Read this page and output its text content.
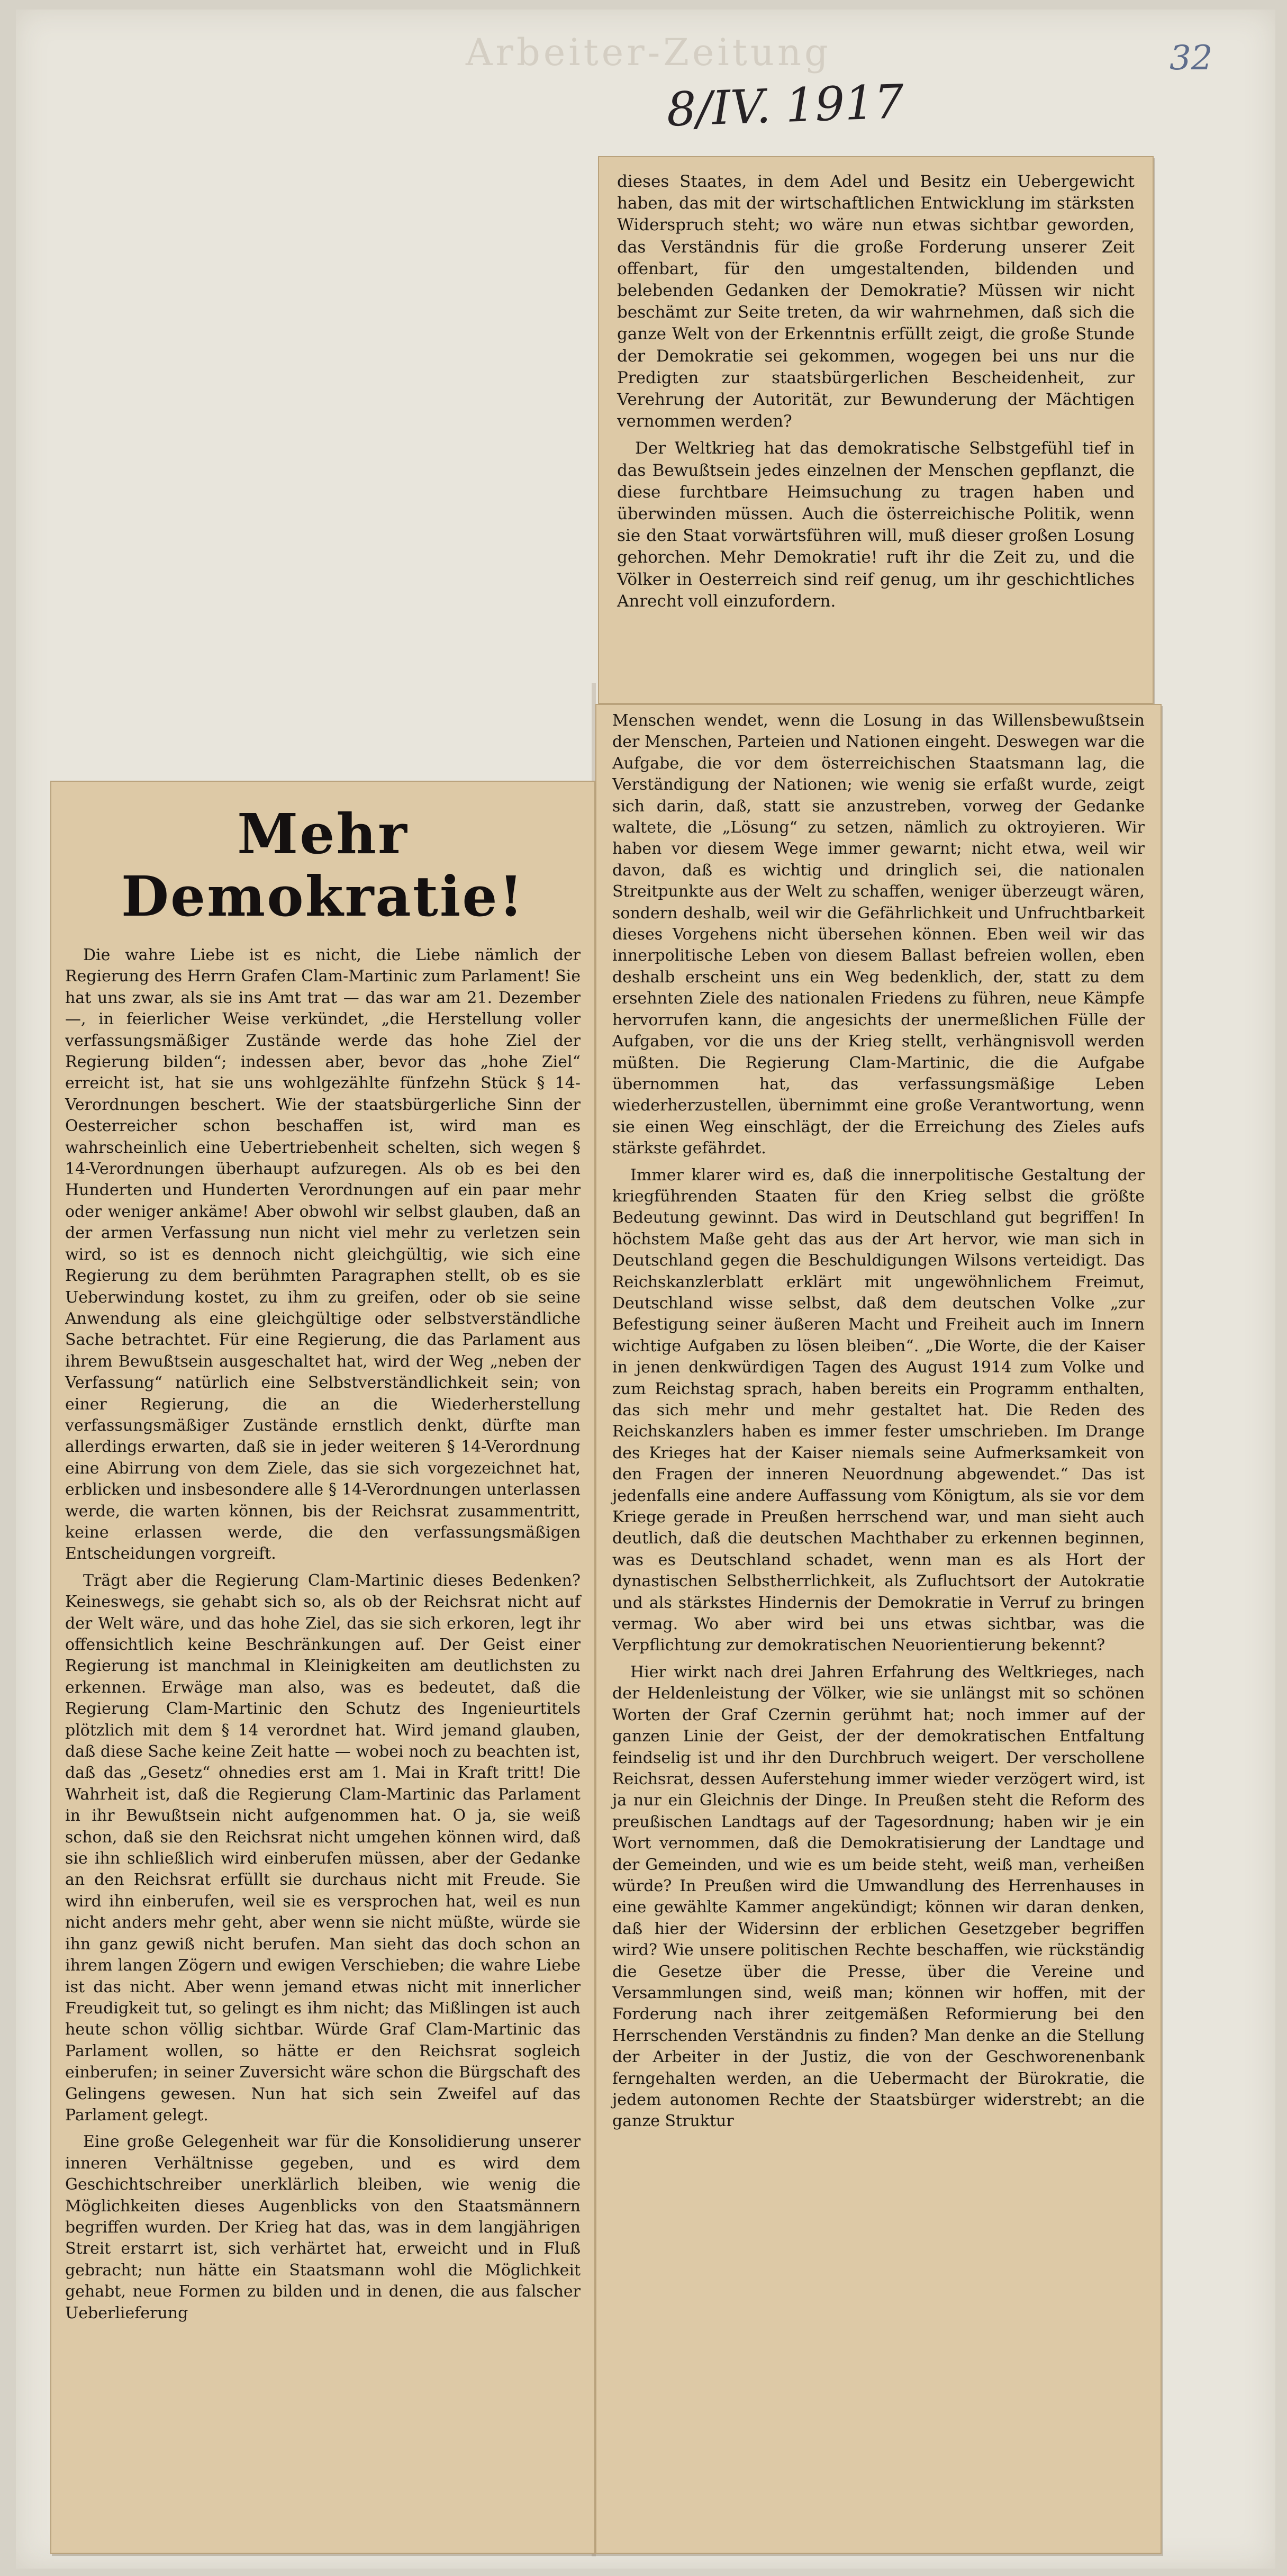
Arbeiter-Zeitung
8/IV. 1917
32

dieses Staates, in dem Adel und Besitz ein Uebergewicht haben, das mit der wirtschaftlichen Entwicklung im stärksten Widerspruch steht; wo wäre nun etwas sichtbar geworden, das Verständnis für die große Forderung unserer Zeit offenbart, für den umgestaltenden, bildenden und belebenden Gedanken der Demokratie? Müssen wir nicht beschämt zur Seite treten, da wir wahrnehmen, daß sich die ganze Welt von der Erkenntnis erfüllt zeigt, die große Stunde der Demokratie sei gekommen, wogegen bei uns nur die Predigten zur staatsbürgerlichen Bescheidenheit, zur Verehrung der Autorität, zur Bewunderung der Mächtigen vernommen werden?

Der Weltkrieg hat das demokratische Selbstgefühl tief in das Bewußtsein jedes einzelnen der Menschen gepflanzt, die diese furchtbare Heimsuchung zu tragen haben und überwinden müssen. Auch die österreichische Politik, wenn sie den Staat vorwärtsführen will, muß dieser großen Losung gehorchen. Mehr Demokratie! ruft ihr die Zeit zu, und die Völker in Oesterreich sind reif genug, um ihr geschichtliches Anrecht voll einzufordern.

Mehr Demokratie!

Die wahre Liebe ist es nicht, die Liebe nämlich der Regierung des Herrn Grafen Clam-Martinic zum Parlament! Sie hat uns zwar, als sie ins Amt trat — das war am 21. Dezember —, in feierlicher Weise verkündet, „die Herstellung voller verfassungsmäßiger Zustände werde das hohe Ziel der Regierung bilden“; indessen aber, bevor das „hohe Ziel“ erreicht ist, hat sie uns wohlgezählte fünfzehn Stück § 14-Verordnungen beschert. Wie der staatsbürgerliche Sinn der Oesterreicher schon beschaffen ist, wird man es wahrscheinlich eine Uebertriebenheit schelten, sich wegen § 14-Verordnungen überhaupt aufzuregen. Als ob es bei den Hunderten und Hunderten Verordnungen auf ein paar mehr oder weniger ankäme! Aber obwohl wir selbst glauben, daß an der armen Verfassung nun nicht viel mehr zu verletzen sein wird, so ist es dennoch nicht gleichgültig, wie sich eine Regierung zu dem berühmten Paragraphen stellt, ob es sie Ueberwindung kostet, zu ihm zu greifen, oder ob sie seine Anwendung als eine gleichgültige oder selbstverständliche Sache betrachtet. Für eine Regierung, die das Parlament aus ihrem Bewußtsein ausgeschaltet hat, wird der Weg „neben der Verfassung“ natürlich eine Selbstverständlichkeit sein; von einer Regierung, die an die Wiederherstellung verfassungsmäßiger Zustände ernstlich denkt, dürfte man allerdings erwarten, daß sie in jeder weiteren § 14-Verordnung eine Abirrung von dem Ziele, das sie sich vorgezeichnet hat, erblicken und insbesondere alle § 14-Verordnungen unterlassen werde, die warten können, bis der Reichsrat zusammentritt, keine erlassen werde, die den verfassungsmäßigen Entscheidungen vorgreift.

Trägt aber die Regierung Clam-Martinic dieses Bedenken? Keineswegs, sie gehabt sich so, als ob der Reichsrat nicht auf der Welt wäre, und das hohe Ziel, das sie sich erkoren, legt ihr offensichtlich keine Beschränkungen auf. Der Geist einer Regierung ist manchmal in Kleinigkeiten am deutlichsten zu erkennen. Erwäge man also, was es bedeutet, daß die Regierung Clam-Martinic den Schutz des Ingenieurtitels plötzlich mit dem § 14 verordnet hat. Wird jemand glauben, daß diese Sache keine Zeit hatte — wobei noch zu beachten ist, daß das „Gesetz“ ohnedies erst am 1. Mai in Kraft tritt! Die Wahrheit ist, daß die Regierung Clam-Martinic das Parlament in ihr Bewußtsein nicht aufgenommen hat. O ja, sie weiß schon, daß sie den Reichsrat nicht umgehen können wird, daß sie ihn schließlich wird einberufen müssen, aber der Gedanke an den Reichsrat erfüllt sie durchaus nicht mit Freude. Sie wird ihn einberufen, weil sie es versprochen hat, weil es nun nicht anders mehr geht, aber wenn sie nicht müßte, würde sie ihn ganz gewiß nicht berufen. Man sieht das doch schon an ihrem langen Zögern und ewigen Verschieben; die wahre Liebe ist das nicht. Aber wenn jemand etwas nicht mit innerlicher Freudigkeit tut, so gelingt es ihm nicht; das Mißlingen ist auch heute schon völlig sichtbar. Würde Graf Clam-Martinic das Parlament wollen, so hätte er den Reichsrat sogleich einberufen; in seiner Zuversicht wäre schon die Bürgschaft des Gelingens gewesen. Nun hat sich sein Zweifel auf das Parlament gelegt.

Eine große Gelegenheit war für die Konsolidierung unserer inneren Verhältnisse gegeben, und es wird dem Geschichtschreiber unerklärlich bleiben, wie wenig die Möglichkeiten dieses Augenblicks von den Staatsmännern begriffen wurden. Der Krieg hat das, was in dem langjährigen Streit erstarrt ist, sich verhärtet hat, erweicht und in Fluß gebracht; nun hätte ein Staatsmann wohl die Möglichkeit gehabt, neue Formen zu bilden und in denen, die aus falscher Ueberlieferung

Menschen wendet, wenn die Losung in das Willensbewußtsein der Menschen, Parteien und Nationen eingeht. Deswegen war die Aufgabe, die vor dem österreichischen Staatsmann lag, die Verständigung der Nationen; wie wenig sie erfaßt wurde, zeigt sich darin, daß, statt sie anzustreben, vorweg der Gedanke waltete, die „Lösung“ zu setzen, nämlich zu oktroyieren. Wir haben vor diesem Wege immer gewarnt; nicht etwa, weil wir davon, daß es wichtig und dringlich sei, die nationalen Streitpunkte aus der Welt zu schaffen, weniger überzeugt wären, sondern deshalb, weil wir die Gefährlichkeit und Unfruchtbarkeit dieses Vorgehens nicht übersehen können. Eben weil wir das innerpolitische Leben von diesem Ballast befreien wollen, eben deshalb erscheint uns ein Weg bedenklich, der, statt zu dem ersehnten Ziele des nationalen Friedens zu führen, neue Kämpfe hervorrufen kann, die angesichts der unermeßlichen Fülle der Aufgaben, vor die uns der Krieg stellt, verhängnisvoll werden müßten. Die Regierung Clam-Martinic, die die Aufgabe übernommen hat, das verfassungsmäßige Leben wiederherzustellen, übernimmt eine große Verantwortung, wenn sie einen Weg einschlägt, der die Erreichung des Zieles aufs stärkste gefährdet.

Immer klarer wird es, daß die innerpolitische Gestaltung der kriegführenden Staaten für den Krieg selbst die größte Bedeutung gewinnt. Das wird in Deutschland gut begriffen! In höchstem Maße geht das aus der Art hervor, wie man sich in Deutschland gegen die Beschuldigungen Wilsons verteidigt. Das Reichskanzlerblatt erklärt mit ungewöhnlichem Freimut, Deutschland wisse selbst, daß dem deutschen Volke „zur Befestigung seiner äußeren Macht und Freiheit auch im Innern wichtige Aufgaben zu lösen bleiben“. „Die Worte, die der Kaiser in jenen denkwürdigen Tagen des August 1914 zum Volke und zum Reichstag sprach, haben bereits ein Programm enthalten, das sich mehr und mehr gestaltet hat. Die Reden des Reichskanzlers haben es immer fester umschrieben. Im Drange des Krieges hat der Kaiser niemals seine Aufmerksamkeit von den Fragen der inneren Neuordnung abgewendet.“ Das ist jedenfalls eine andere Auffassung vom Königtum, als sie vor dem Kriege gerade in Preußen herrschend war, und man sieht auch deutlich, daß die deutschen Machthaber zu erkennen beginnen, was es Deutschland schadet, wenn man es als Hort der dynastischen Selbstherrlichkeit, als Zufluchtsort der Autokratie und als stärkstes Hindernis der Demokratie in Verruf zu bringen vermag. Wo aber wird bei uns etwas sichtbar, was die Verpflichtung zur demokratischen Neuorientierung bekennt?

Hier wirkt nach drei Jahren Erfahrung des Weltkrieges, nach der Heldenleistung der Völker, wie sie unlängst mit so schönen Worten der Graf Czernin gerühmt hat; noch immer auf der ganzen Linie der Geist, der der demokratischen Entfaltung feindselig ist und ihr den Durchbruch weigert. Der verschollene Reichsrat, dessen Auferstehung immer wieder verzögert wird, ist ja nur ein Gleichnis der Dinge. In Preußen steht die Reform des preußischen Landtags auf der Tagesordnung; haben wir je ein Wort vernommen, daß die Demokratisierung der Landtage und der Gemeinden, und wie es um beide steht, weiß man, verheißen würde? In Preußen wird die Umwandlung des Herrenhauses in eine gewählte Kammer angekündigt; können wir daran denken, daß hier der Widersinn der erblichen Gesetzgeber begriffen wird? Wie unsere politischen Rechte beschaffen, wie rückständig die Gesetze über die Presse, über die Vereine und Versammlungen sind, weiß man; können wir hoffen, mit der Forderung nach ihrer zeitgemäßen Reformierung bei den Herrschenden Verständnis zu finden? Man denke an die Stellung der Arbeiter in der Justiz, die von der Geschworenenbank ferngehalten werden, an die Uebermacht der Bürokratie, die jedem autonomen Rechte der Staatsbürger widerstrebt; an die ganze Struktur
